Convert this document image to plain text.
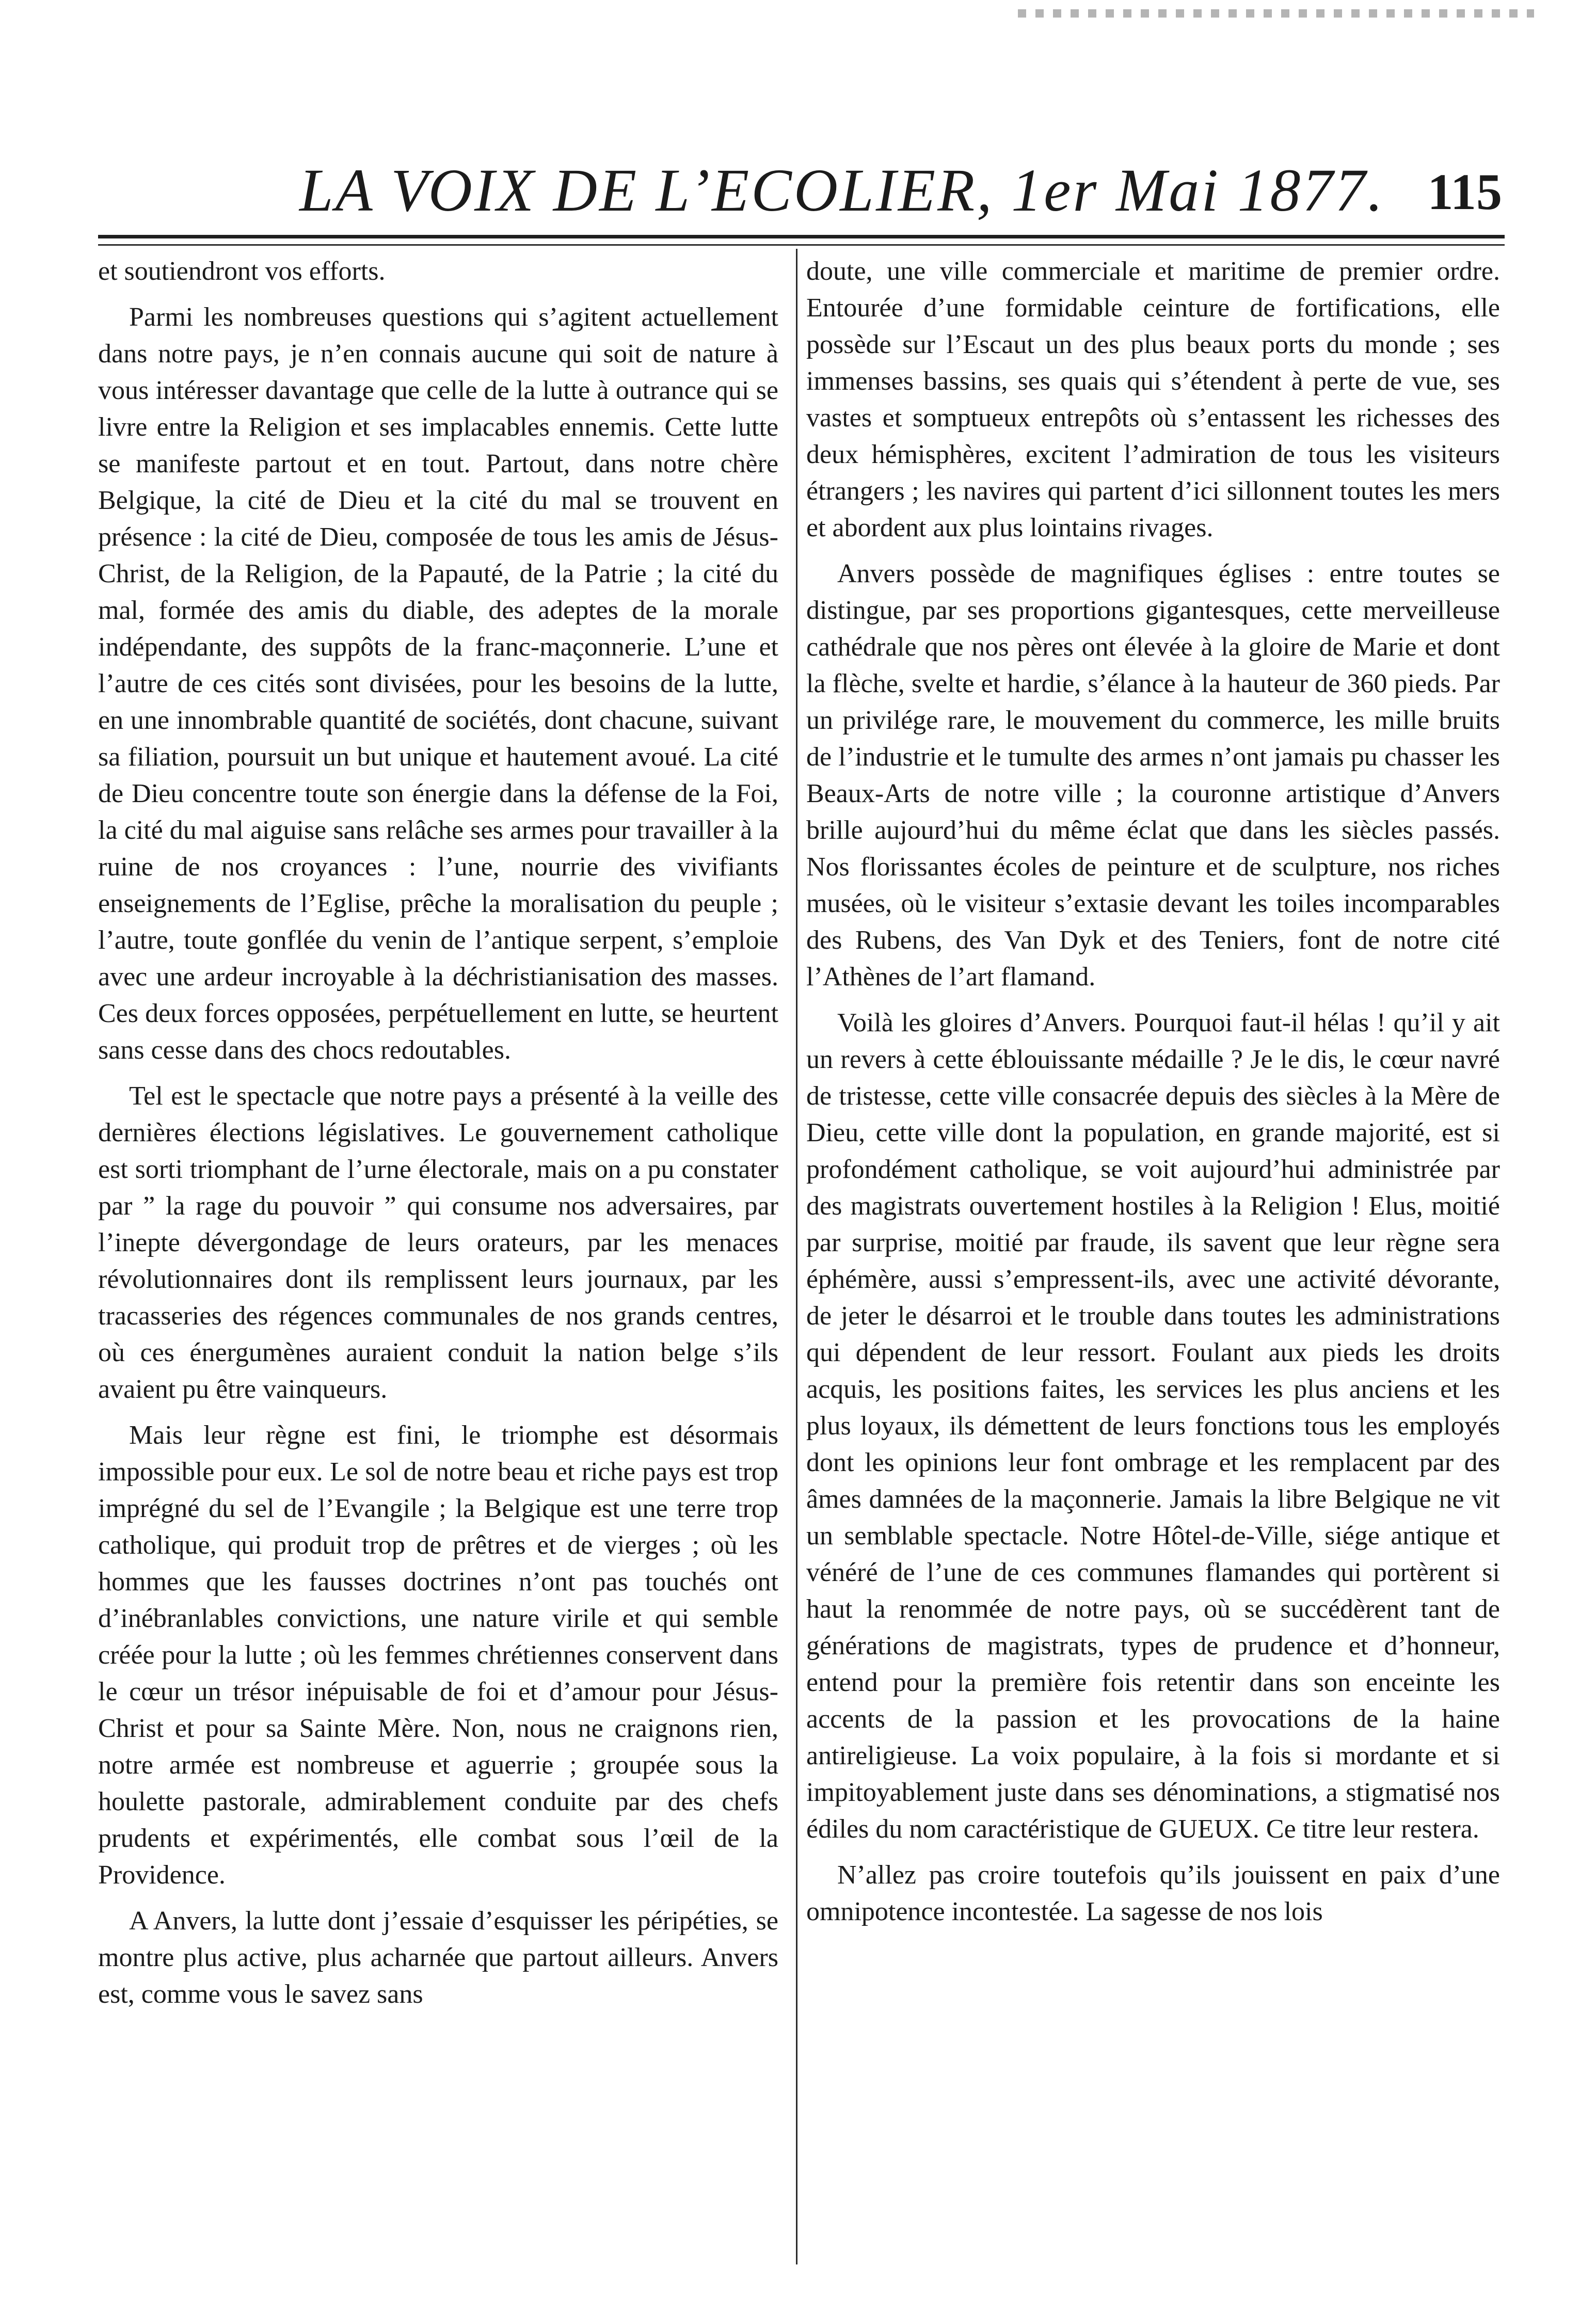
LA VOIX DE L’ECOLIER, 1er Mai 1877. 115

et soutiendront vos efforts.

Parmi les nombreuses questions qui s’agitent actuellement dans notre pays, je n’en connais aucune qui soit de nature à vous intéresser davantage que celle de la lutte à outrance qui se livre entre la Religion et ses implacables ennemis. Cette lutte se manifeste partout et en tout. Partout, dans notre chère Belgique, la cité de Dieu et la cité du mal se trouvent en présence : la cité de Dieu, composée de tous les amis de Jésus-Christ, de la Religion, de la Papauté, de la Patrie ; la cité du mal, formée des amis du diable, des adeptes de la morale indépendante, des suppôts de la franc-maçonnerie. L’une et l’autre de ces cités sont divisées, pour les besoins de la lutte, en une innombrable quantité de sociétés, dont chacune, suivant sa filiation, poursuit un but unique et hautement avoué. La cité de Dieu concentre toute son énergie dans la défense de la Foi, la cité du mal aiguise sans relâche ses armes pour travailler à la ruine de nos croyances : l’une, nourrie des vivifiants enseignements de l’Eglise, prêche la moralisation du peuple ; l’autre, toute gonflée du venin de l’antique serpent, s’emploie avec une ardeur incroyable à la déchristianisation des masses. Ces deux forces opposées, perpétuellement en lutte, se heurtent sans cesse dans des chocs redoutables.

Tel est le spectacle que notre pays a présenté à la veille des dernières élections législatives. Le gouvernement catholique est sorti triomphant de l’urne électorale, mais on a pu constater par ” la rage du pouvoir ” qui consume nos adversaires, par l’inepte dévergondage de leurs orateurs, par les menaces révolutionnaires dont ils remplissent leurs journaux, par les tracasseries des régences communales de nos grands centres, où ces énergumènes auraient conduit la nation belge s’ils avaient pu être vainqueurs.

Mais leur règne est fini, le triomphe est désormais impossible pour eux. Le sol de notre beau et riche pays est trop imprégné du sel de l’Evangile ; la Belgique est une terre trop catholique, qui produit trop de prêtres et de vierges ; où les hommes que les fausses doctrines n’ont pas touchés ont d’inébranlables convictions, une nature virile et qui semble créée pour la lutte ; où les femmes chrétiennes conservent dans le cœur un trésor inépuisable de foi et d’amour pour Jésus-Christ et pour sa Sainte Mère. Non, nous ne craignons rien, notre armée est nombreuse et aguerrie ; groupée sous la houlette pastorale, admirablement conduite par des chefs prudents et expérimentés, elle combat sous l’œil de la Providence.

A Anvers, la lutte dont j’essaie d’esquisser les péripéties, se montre plus active, plus acharnée que partout ailleurs. Anvers est, comme vous le savez sans

doute, une ville commerciale et maritime de premier ordre. Entourée d’une formidable ceinture de fortifications, elle possède sur l’Escaut un des plus beaux ports du monde ; ses immenses bassins, ses quais qui s’étendent à perte de vue, ses vastes et somptueux entrepôts où s’entassent les richesses des deux hémisphères, excitent l’admiration de tous les visiteurs étrangers ; les navires qui partent d’ici sillonnent toutes les mers et abordent aux plus lointains rivages.

Anvers possède de magnifiques églises : entre toutes se distingue, par ses proportions gigantesques, cette merveilleuse cathédrale que nos pères ont élevée à la gloire de Marie et dont la flèche, svelte et hardie, s’élance à la hauteur de 360 pieds. Par un privilége rare, le mouvement du commerce, les mille bruits de l’industrie et le tumulte des armes n’ont jamais pu chasser les Beaux-Arts de notre ville ; la couronne artistique d’Anvers brille aujourd’hui du même éclat que dans les siècles passés. Nos florissantes écoles de peinture et de sculpture, nos riches musées, où le visiteur s’extasie devant les toiles incomparables des Rubens, des Van Dyk et des Teniers, font de notre cité l’Athènes de l’art flamand.

Voilà les gloires d’Anvers. Pourquoi faut-il hélas ! qu’il y ait un revers à cette éblouissante médaille ? Je le dis, le cœur navré de tristesse, cette ville consacrée depuis des siècles à la Mère de Dieu, cette ville dont la population, en grande majorité, est si profondément catholique, se voit aujourd’hui administrée par des magistrats ouvertement hostiles à la Religion ! Elus, moitié par surprise, moitié par fraude, ils savent que leur règne sera éphémère, aussi s’empressent-ils, avec une activité dévorante, de jeter le désarroi et le trouble dans toutes les administrations qui dépendent de leur ressort. Foulant aux pieds les droits acquis, les positions faites, les services les plus anciens et les plus loyaux, ils démettent de leurs fonctions tous les employés dont les opinions leur font ombrage et les remplacent par des âmes damnées de la maçonnerie. Jamais la libre Belgique ne vit un semblable spectacle. Notre Hôtel-de-Ville, siége antique et vénéré de l’une de ces communes flamandes qui portèrent si haut la renommée de notre pays, où se succédèrent tant de générations de magistrats, types de prudence et d’honneur, entend pour la première fois retentir dans son enceinte les accents de la passion et les provocations de la haine antireligieuse. La voix populaire, à la fois si mordante et si impitoyablement juste dans ses dénominations, a stigmatisé nos édiles du nom caractéristique de GUEUX. Ce titre leur restera.

N’allez pas croire toutefois qu’ils jouissent en paix d’une omnipotence incontestée. La sagesse de nos lois
